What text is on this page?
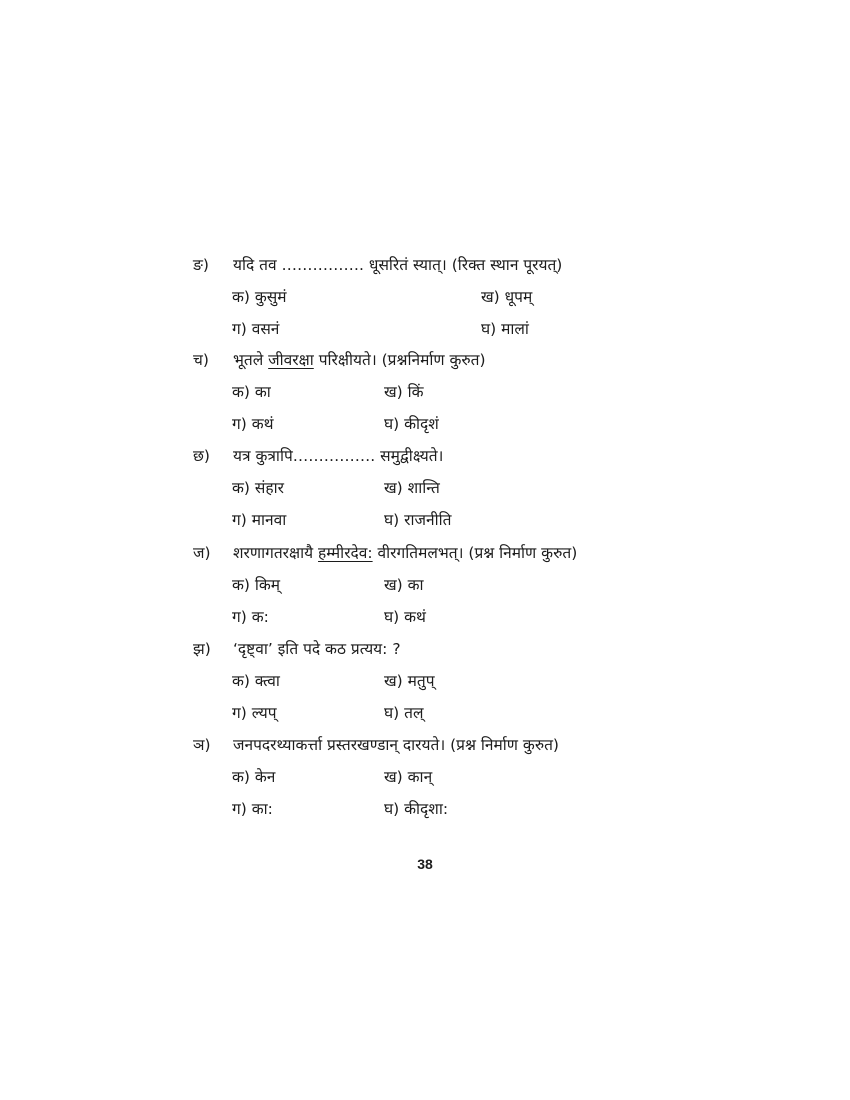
ङ) यदि तव ……………. धूसरितं स्यात्। (रिक्त स्थान पूरयत्)
क) कुसुमं	ख) धूपम्
ग) वसनं	घ) मालां
च) भूतले जीवरक्षा परिक्षीयते। (प्रश्ननिर्माण कुरुत)
क) का	ख) किं
ग) कथं	घ) कीदृशं
छ) यत्र कुत्रापि……………. समुद्वीक्ष्यते।
क) संहार	ख) शान्ति
ग) मानवा	घ) राजनीति
ज) शरणागतरक्षायै हम्मीरदेव: वीरगतिमलभत्। (प्रश्न निर्माण कुरुत)
क) किम्	ख) का
ग) क:	घ) कथं
झ) ‘दृष्ट्वा’ इति पदे कठ प्रत्यय: ?
क) क्त्वा	ख) मतुप्
ग) ल्यप्	घ) तल्
ञ) जनपदरथ्याकर्त्ता प्रस्तरखण्डान् दारयते। (प्रश्न निर्माण कुरुत)
क) केन	ख) कान्
ग) का:	घ) कीदृशा:
38
